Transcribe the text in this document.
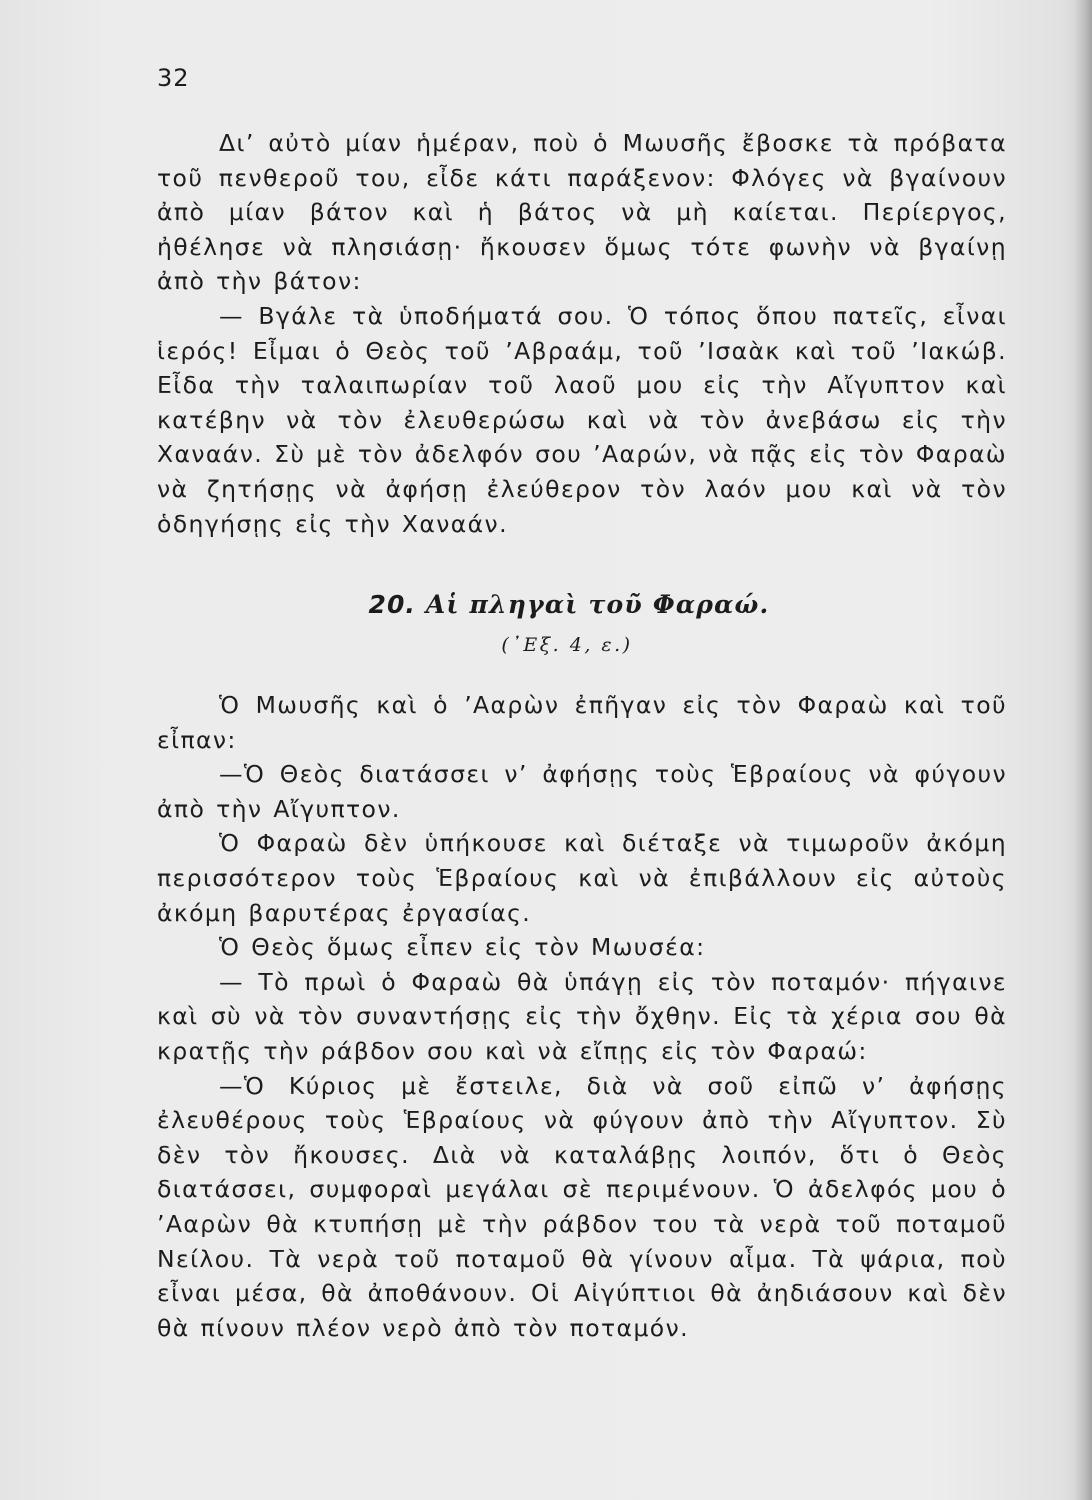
32

Δι’ αὐτὸ μίαν ἡμέραν, ποὺ ὁ Μωυσῆς ἔβοσκε τὰ πρόβατα τοῦ πενθεροῦ του, εἶδε κάτι παράξενον: Φλόγες νὰ βγαίνουν ἀπὸ μίαν βάτον καὶ ἡ βάτος νὰ μὴ καίεται. Περίεργος, ἠθέλησε νὰ πλησιάσῃ· ἤκουσεν ὅμως τότε φωνὴν νὰ βγαίνῃ ἀπὸ τὴν βάτον:

— Βγάλε τὰ ὑποδήματά σου. Ὁ τόπος ὅπου πατεῖς, εἶναι ἱερός! Εἶμαι ὁ Θεὸς τοῦ ’Αβραάμ, τοῦ ’Ισαὰκ καὶ τοῦ ’Ιακώβ. Εἶδα τὴν ταλαιπωρίαν τοῦ λαοῦ μου εἰς τὴν Αἴγυπτον καὶ κατέβην νὰ τὸν ἐλευθερώσω καὶ νὰ τὸν ἀνεβάσω εἰς τὴν Χαναάν. Σὺ μὲ τὸν ἀδελφόν σου ’Ααρών, νὰ πᾷς εἰς τὸν Φαραὼ νὰ ζητήσῃς νὰ ἀφήσῃ ἐλεύθερον τὸν λαόν μου καὶ νὰ τὸν ὁδηγήσῃς εἰς τὴν Χαναάν.

20. Αἱ πληγαὶ τοῦ Φαραώ.

(᾿Εξ. 4, ε.)

Ὁ Μωυσῆς καὶ ὁ ’Ααρὼν ἐπῆγαν εἰς τὸν Φαραὼ καὶ τοῦ εἶπαν:

—Ὁ Θεὸς διατάσσει ν’ ἀφήσῃς τοὺς Ἑβραίους νὰ φύγουν ἀπὸ τὴν Αἴγυπτον.

Ὁ Φαραὼ δὲν ὑπήκουσε καὶ διέταξε νὰ τιμωροῦν ἀκόμη περισσότερον τοὺς Ἑβραίους καὶ νὰ ἐπιβάλλουν εἰς αὐτοὺς ἀκόμη βαρυτέρας ἐργασίας.

Ὁ Θεὸς ὅμως εἶπεν εἰς τὸν Μωυσέα:

— Τὸ πρωὶ ὁ Φαραὼ θὰ ὑπάγῃ εἰς τὸν ποταμόν· πήγαινε καὶ σὺ νὰ τὸν συναντήσῃς εἰς τὴν ὄχθην. Εἰς τὰ χέρια σου θὰ κρατῇς τὴν ράβδον σου καὶ νὰ εἴπῃς εἰς τὸν Φαραώ:

—Ὁ Κύριος μὲ ἔστειλε, διὰ νὰ σοῦ εἰπῶ ν’ ἀφήσῃς ἐλευθέρους τοὺς Ἑβραίους νὰ φύγουν ἀπὸ τὴν Αἴγυπτον. Σὺ δὲν τὸν ἤκουσες. Διὰ νὰ καταλάβῃς λοιπόν, ὅτι ὁ Θεὸς διατάσσει, συμφοραὶ μεγάλαι σὲ περιμένουν. Ὁ ἀδελφός μου ὁ ’Ααρὼν θὰ κτυπήσῃ μὲ τὴν ράβδον του τὰ νερὰ τοῦ ποταμοῦ Νείλου. Τὰ νερὰ τοῦ ποταμοῦ θὰ γίνουν αἷμα. Τὰ ψάρια, ποὺ εἶναι μέσα, θὰ ἀποθάνουν. Οἱ Αἰγύπτιοι θὰ ἀηδιάσουν καὶ δὲν θὰ πίνουν πλέον νερὸ ἀπὸ τὸν ποταμόν.
